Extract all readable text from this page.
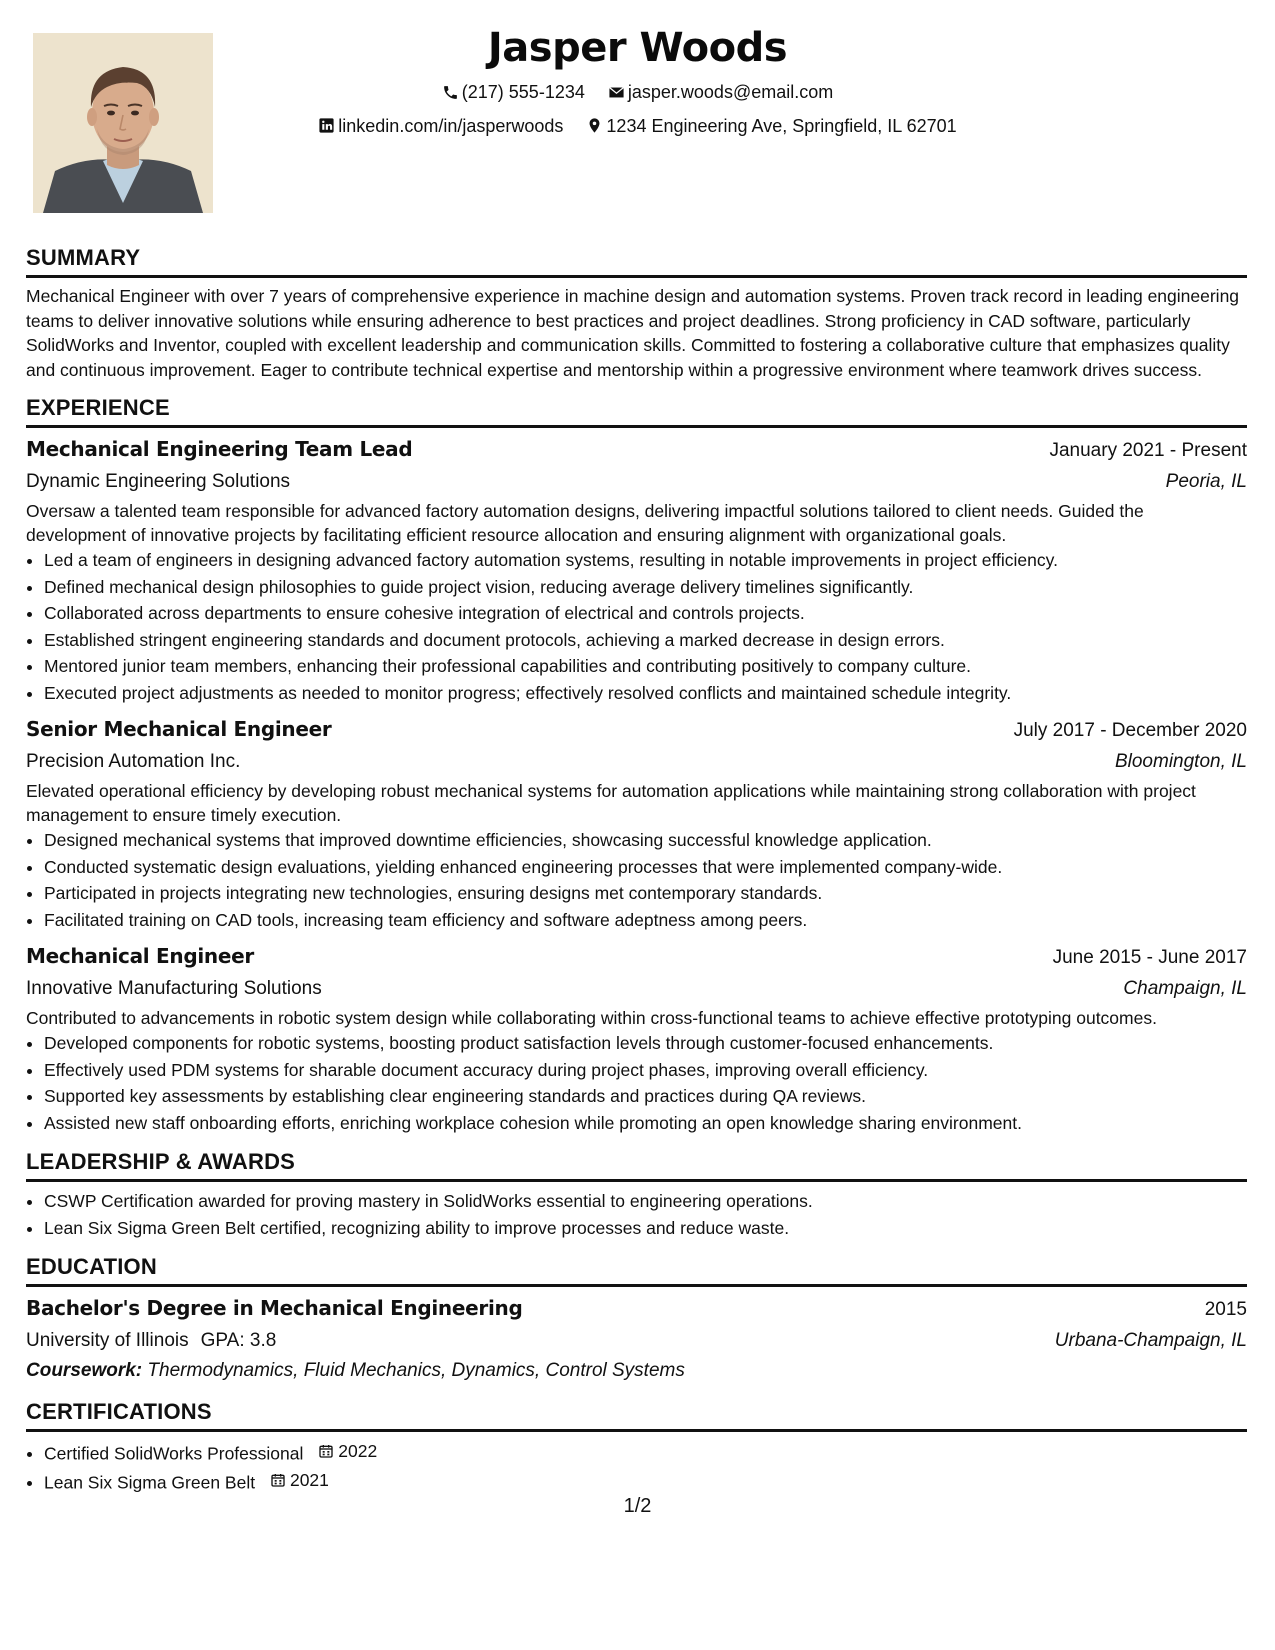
Jasper Woods
(217) 555-1234
jasper.woods@email.com
linkedin.com/in/jasperwoods
1234 Engineering Ave, Springfield, IL 62701
SUMMARY

Mechanical Engineer with over 7 years of comprehensive experience in machine design and automation systems. Proven track record in leading engineering teams to deliver innovative solutions while ensuring adherence to best practices and project deadlines. Strong proficiency in CAD software, particularly SolidWorks and Inventor, coupled with excellent leadership and communication skills. Committed to fostering a collaborative culture that emphasizes quality and continuous improvement. Eager to contribute technical expertise and mentorship within a progressive environment where teamwork drives success.

EXPERIENCE
Mechanical Engineering Team Lead	January 2021 - Present
Dynamic Engineering Solutions	Peoria, IL

Oversaw a talented team responsible for advanced factory automation designs, delivering impactful solutions tailored to client needs. Guided the development of innovative projects by facilitating efficient resource allocation and ensuring alignment with organizational goals.

• Led a team of engineers in designing advanced factory automation systems, resulting in notable improvements in project efficiency.
• Defined mechanical design philosophies to guide project vision, reducing average delivery timelines significantly.
• Collaborated across departments to ensure cohesive integration of electrical and controls projects.
• Established stringent engineering standards and document protocols, achieving a marked decrease in design errors.
• Mentored junior team members, enhancing their professional capabilities and contributing positively to company culture.
• Executed project adjustments as needed to monitor progress; effectively resolved conflicts and maintained schedule integrity.
Senior Mechanical Engineer	July 2017 - December 2020
Precision Automation Inc.	Bloomington, IL

Elevated operational efficiency by developing robust mechanical systems for automation applications while maintaining strong collaboration with project management to ensure timely execution.

• Designed mechanical systems that improved downtime efficiencies, showcasing successful knowledge application.
• Conducted systematic design evaluations, yielding enhanced engineering processes that were implemented company-wide.
• Participated in projects integrating new technologies, ensuring designs met contemporary standards.
• Facilitated training on CAD tools, increasing team efficiency and software adeptness among peers.
Mechanical Engineer	June 2015 - June 2017
Innovative Manufacturing Solutions	Champaign, IL

Contributed to advancements in robotic system design while collaborating within cross-functional teams to achieve effective prototyping outcomes.

• Developed components for robotic systems, boosting product satisfaction levels through customer-focused enhancements.
• Effectively used PDM systems for sharable document accuracy during project phases, improving overall efficiency.
• Supported key assessments by establishing clear engineering standards and practices during QA reviews.
• Assisted new staff onboarding efforts, enriching workplace cohesion while promoting an open knowledge sharing environment.
LEADERSHIP & AWARDS
• CSWP Certification awarded for proving mastery in SolidWorks essential to engineering operations.
• Lean Six Sigma Green Belt certified, recognizing ability to improve processes and reduce waste.
EDUCATION
Bachelor's Degree in Mechanical Engineering	2015
University of Illinois GPA: 3.8	Urbana-Champaign, IL
Coursework: Thermodynamics, Fluid Mechanics, Dynamics, Control Systems
CERTIFICATIONS
• Certified SolidWorks Professional 2022
• Lean Six Sigma Green Belt 2021
1/2
